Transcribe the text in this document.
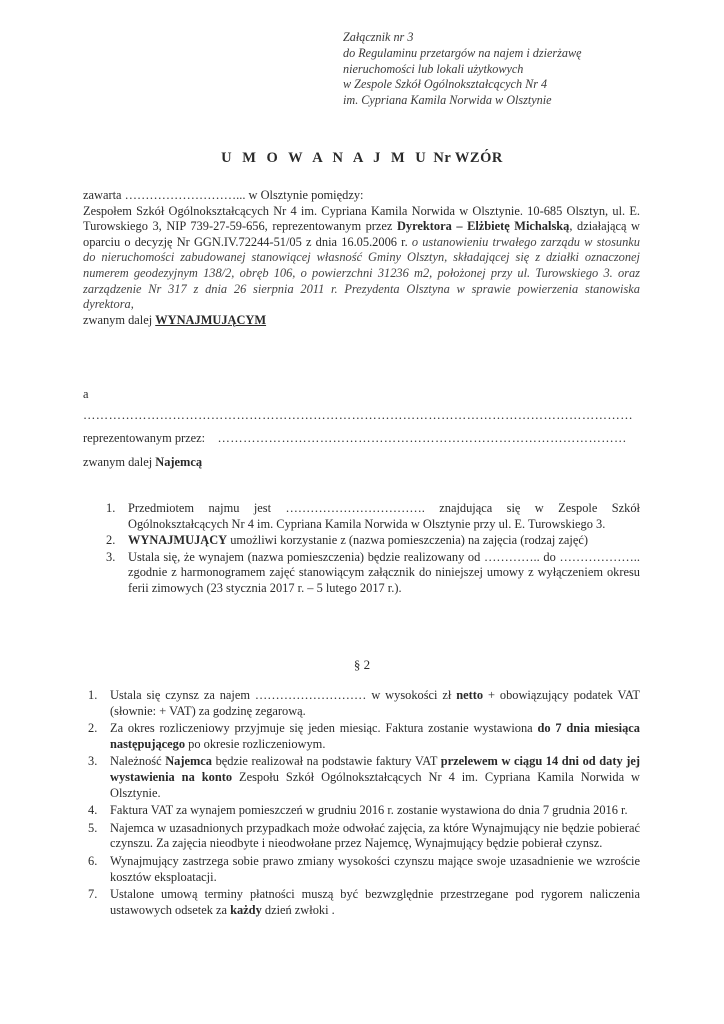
Załącznik nr 3
do Regulaminu przetargów na najem i dzierżawę
nieruchomości lub lokali użytkowych
w Zespole Szkół Ogólnokształcących Nr 4
im. Cypriana Kamila Norwida w Olsztynie
U M O W A N A J M U Nr WZÓR

zawarta ………………………... w Olsztynie pomiędzy:

Zespołem Szkół Ogólnokształcących Nr 4 im. Cypriana Kamila Norwida w Olsztynie. 10-685 Olsztyn, ul. E. Turowskiego 3, NIP 739-27-59-656, reprezentowanym przez Dyrektora – Elżbietę Michalską, działającą w oparciu o decyzję Nr GGN.IV.72244-51/05 z dnia 16.05.2006 r. o ustanowieniu trwałego zarządu w stosunku do nieruchomości zabudowanej stanowiącej własność Gminy Olsztyn, składającej się z działki oznaczonej numerem geodezyjnym 138/2, obręb 106, o powierzchni 31236 m2, położonej przy ul. Turowskiego 3. oraz zarządzenie Nr 317 z dnia 26 sierpnia 2011 r. Prezydenta Olsztyna w sprawie powierzenia stanowiska dyrektora,

zwanym dalej WYNAJMUJĄCYM

a
…………………………………………………………………………………………………………………
reprezentowanym przez: ……………………………………………………………………………………
zwanym dalej Najemcą
1. Przedmiotem najmu jest ……………………………. znajdująca się w Zespole Szkół Ogólnokształcących Nr 4 im. Cypriana Kamila Norwida w Olsztynie przy ul. E. Turowskiego 3.
2. WYNAJMUJĄCY umożliwi korzystanie z (nazwa pomieszczenia) na zajęcia (rodzaj zajęć)
3. Ustala się, że wynajem (nazwa pomieszczenia) będzie realizowany od ………….. do ……………….. zgodnie z harmonogramem zajęć stanowiącym załącznik do niniejszej umowy z wyłączeniem okresu ferii zimowych (23 stycznia 2017 r. – 5 lutego 2017 r.).
§ 2
1. Ustala się czynsz za najem ……………………… w wysokości zł netto + obowiązujący podatek VAT (słownie: + VAT) za godzinę zegarową.
2. Za okres rozliczeniowy przyjmuje się jeden miesiąc. Faktura zostanie wystawiona do 7 dnia miesiąca następującego po okresie rozliczeniowym.
3. Należność Najemca będzie realizował na podstawie faktury VAT przelewem w ciągu 14 dni od daty jej wystawienia na konto Zespołu Szkół Ogólnokształcących Nr 4 im. Cypriana Kamila Norwida w Olsztynie.
4. Faktura VAT za wynajem pomieszczeń w grudniu 2016 r. zostanie wystawiona do dnia 7 grudnia 2016 r.
5. Najemca w uzasadnionych przypadkach może odwołać zajęcia, za które Wynajmujący nie będzie pobierać czynszu. Za zajęcia nieodbyte i nieodwołane przez Najemcę, Wynajmujący będzie pobierał czynsz.
6. Wynajmujący zastrzega sobie prawo zmiany wysokości czynszu mające swoje uzasadnienie we wzroście kosztów eksploatacji.
7. Ustalone umową terminy płatności muszą być bezwzględnie przestrzegane pod rygorem naliczenia ustawowych odsetek za każdy dzień zwłoki .
